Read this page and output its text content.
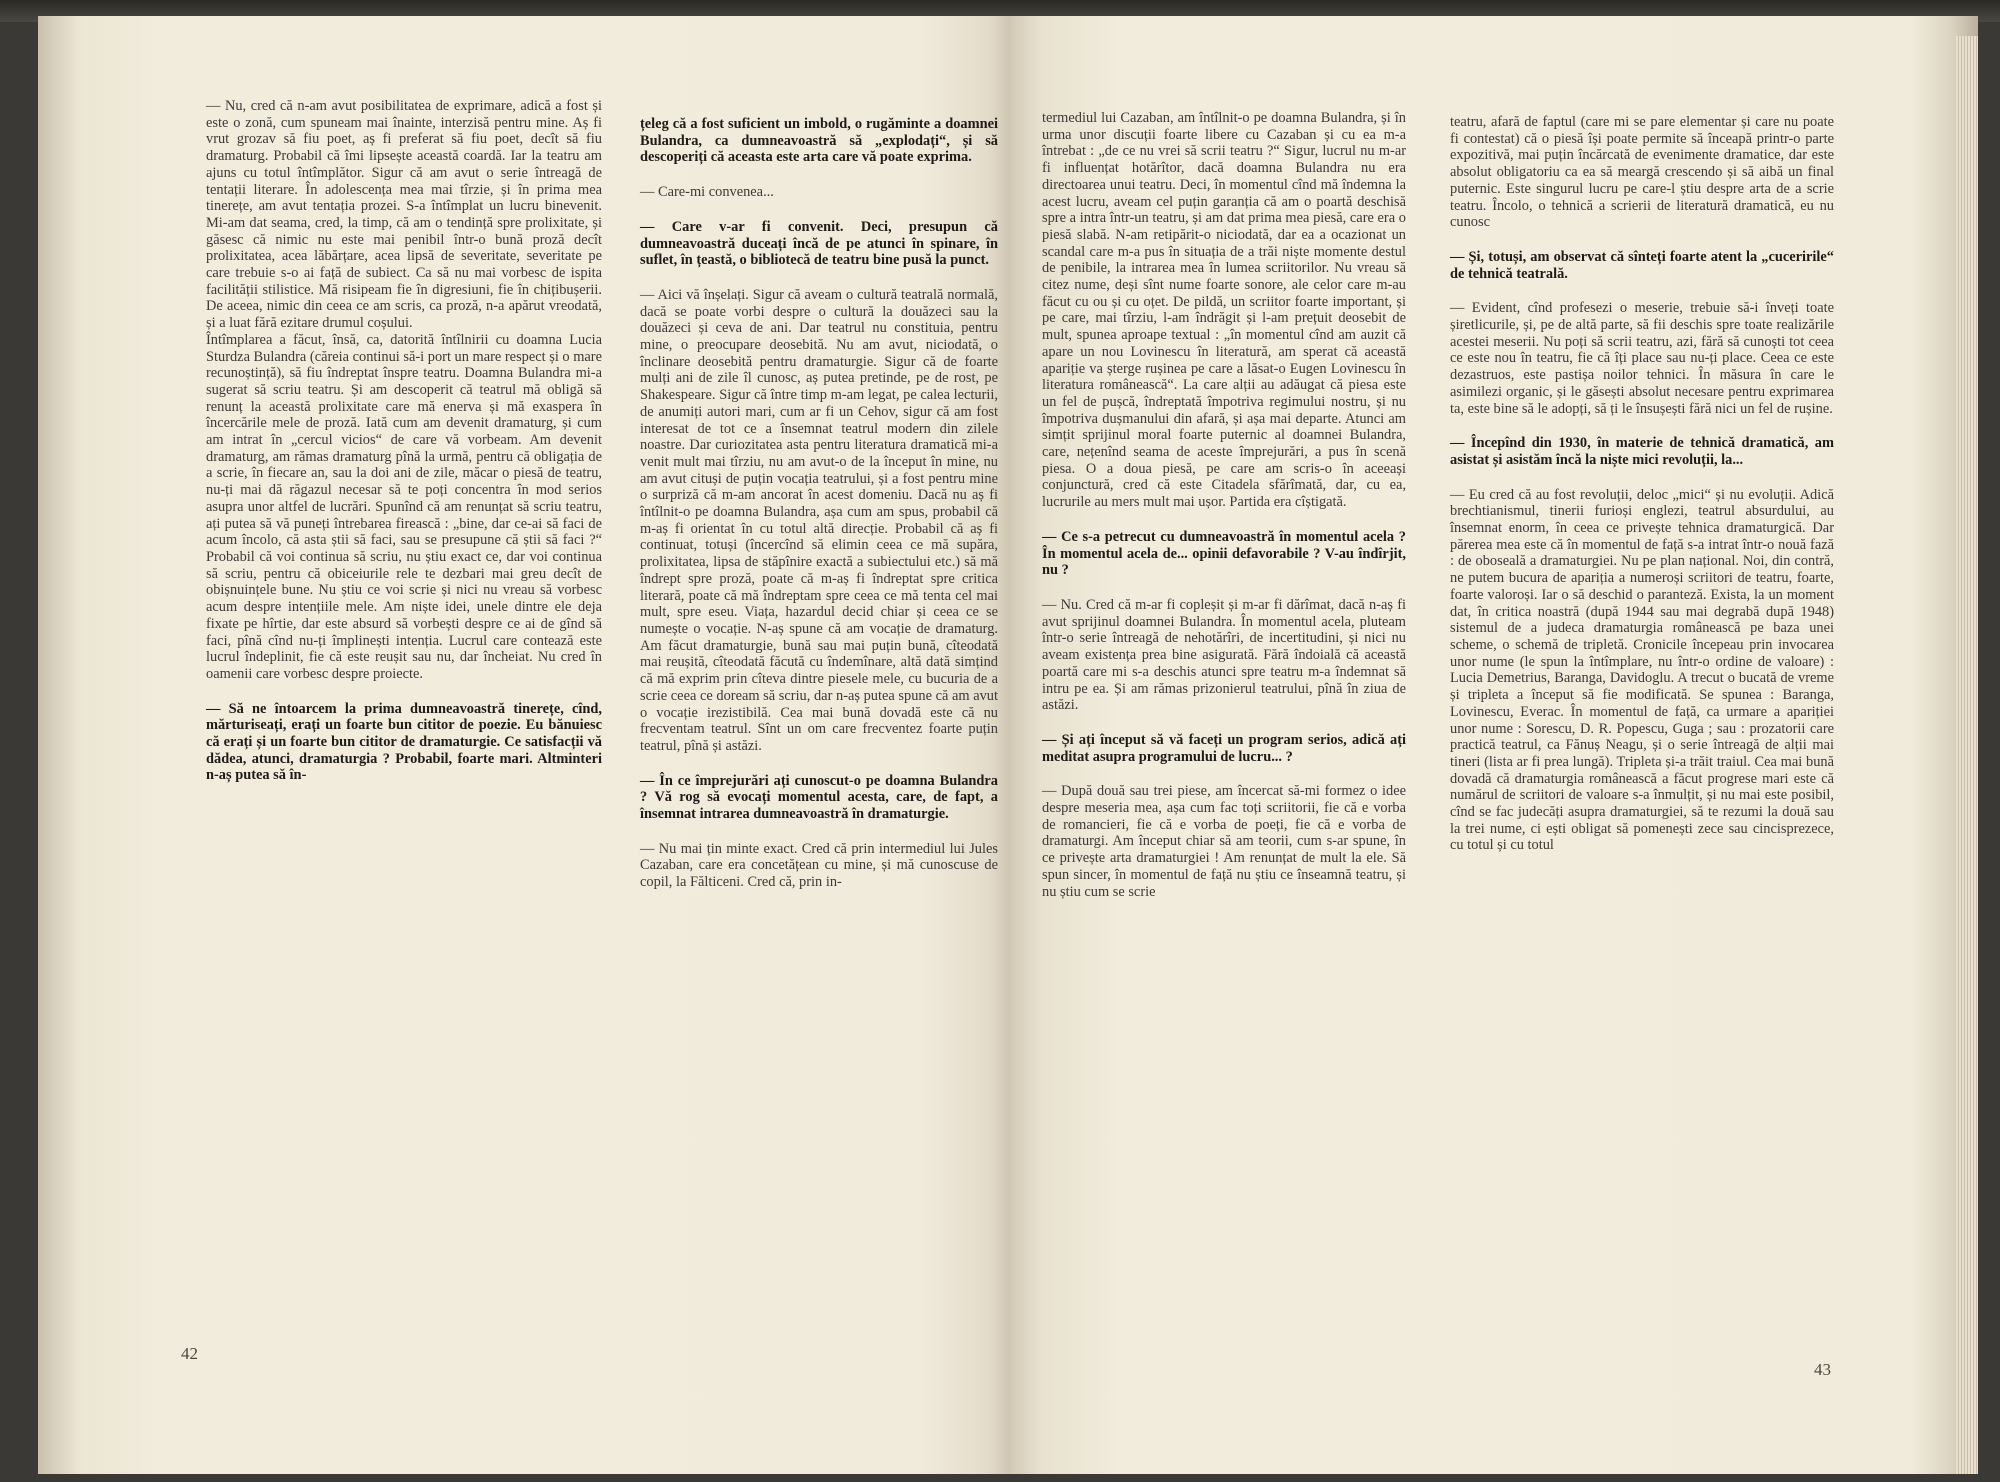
— Nu, cred că n-am avut posibilitatea de exprimare, adică a fost și este o zonă, cum spuneam mai înainte, interzisă pentru mine. Aș fi vrut grozav să fiu poet, aș fi preferat să fiu poet, decît să fiu dramaturg. Probabil că îmi lipsește această coardă. Iar la teatru am ajuns cu totul întîmplător. Sigur că am avut o serie întreagă de tentații literare. În adolescența mea mai tîrzie, și în prima mea tinerețe, am avut tentația prozei. S-a întîmplat un lucru binevenit. Mi-am dat seama, cred, la timp, că am o tendință spre prolixitate, și găsesc că nimic nu este mai penibil într-o bună proză decît prolixitatea, acea lăbărțare, acea lipsă de severitate, severitate pe care trebuie s-o ai față de subiect. Ca să nu mai vorbesc de ispita facilității stilistice. Mă risipeam fie în digresiuni, fie în chițibușerii. De aceea, nimic din ceea ce am scris, ca proză, n-a apărut vreodată, și a luat fără ezitare drumul coșului.

Întîmplarea a făcut, însă, ca, datorită întîlnirii cu doamna Lucia Sturdza Bulandra (căreia continui să-i port un mare respect și o mare recunoștință), să fiu îndreptat înspre teatru. Doamna Bulandra mi-a sugerat să scriu teatru. Și am descoperit că teatrul mă obligă să renunț la această prolixitate care mă enerva și mă exaspera în încercările mele de proză. Iată cum am devenit dramaturg, și cum am intrat în „cercul vicios“ de care vă vorbeam. Am devenit dramaturg, am rămas dramaturg pînă la urmă, pentru că obligația de a scrie, în fiecare an, sau la doi ani de zile, măcar o piesă de teatru, nu-ți mai dă răgazul necesar să te poți concentra în mod serios asupra unor altfel de lucrări. Spunînd că am renunțat să scriu teatru, ați putea să vă puneți întrebarea firească : „bine, dar ce-ai să faci de acum încolo, că asta știi să faci, sau se presupune că știi să faci ?“ Probabil că voi continua să scriu, nu știu exact ce, dar voi continua să scriu, pentru că obiceiurile rele te dezbari mai greu decît de obișnuințele bune. Nu știu ce voi scrie și nici nu vreau să vorbesc acum despre intențiile mele. Am niște idei, unele dintre ele deja fixate pe hîrtie, dar este absurd să vorbești despre ce ai de gînd să faci, pînă cînd nu-ți împlinești intenția. Lucrul care contează este lucrul îndeplinit, fie că este reușit sau nu, dar încheiat. Nu cred în oamenii care vorbesc despre proiecte.

— Să ne întoarcem la prima dumneavoastră tinerețe, cînd, mărturiseați, erați un foarte bun cititor de poezie. Eu bănuiesc că erați și un foarte bun cititor de dramaturgie. Ce satisfacții vă dădea, atunci, dramaturgia ? Probabil, foarte mari. Altminteri n-aș putea să în-

țeleg că a fost suficient un imbold, o rugăminte a doamnei Bulandra, ca dumneavoastră să „explodați“, și să descoperiți că aceasta este arta care vă poate exprima.

— Care-mi convenea...

— Care v-ar fi convenit. Deci, presupun că dumneavoastră duceați încă de pe atunci în spinare, în suflet, în țeastă, o bibliotecă de teatru bine pusă la punct.

— Aici vă înșelați. Sigur că aveam o cultură teatrală normală, dacă se poate vorbi despre o cultură la douăzeci sau la douăzeci și ceva de ani. Dar teatrul nu constituia, pentru mine, o preocupare deosebită. Nu am avut, niciodată, o înclinare deosebită pentru dramaturgie. Sigur că de foarte mulți ani de zile îl cunosc, aș putea pretinde, pe de rost, pe Shakespeare. Sigur că între timp m-am legat, pe calea lecturii, de anumiți autori mari, cum ar fi un Cehov, sigur că am fost interesat de tot ce a însemnat teatrul modern din zilele noastre. Dar curiozitatea asta pentru literatura dramatică mi-a venit mult mai tîrziu, nu am avut-o de la început în mine, nu am avut cituși de puțin vocația teatrului, și a fost pentru mine o surpriză că m-am ancorat în acest domeniu. Dacă nu aș fi întîlnit-o pe doamna Bulandra, așa cum am spus, probabil că m-aș fi orientat în cu totul altă direcție. Probabil că aș fi continuat, totuși (încercînd să elimin ceea ce mă supăra, prolixitatea, lipsa de stăpînire exactă a subiectului etc.) să mă îndrept spre proză, poate că m-aș fi îndreptat spre critica literară, poate că mă îndreptam spre ceea ce mă tenta cel mai mult, spre eseu. Viața, hazardul decid chiar și ceea ce se numește o vocație. N-aș spune că am vocație de dramaturg. Am făcut dramaturgie, bună sau mai puțin bună, cîteodată mai reușită, cîteodată făcută cu îndemînare, altă dată simțind că mă exprim prin cîteva dintre piesele mele, cu bucuria de a scrie ceea ce doream să scriu, dar n-aș putea spune că am avut o vocație irezistibilă. Cea mai bună dovadă este că nu frecventam teatrul. Sînt un om care frecventez foarte puțin teatrul, pînă și astăzi.

— În ce împrejurări ați cunoscut-o pe doamna Bulandra ? Vă rog să evocați momentul acesta, care, de fapt, a însemnat intrarea dumneavoastră în dramaturgie.

— Nu mai țin minte exact. Cred că prin intermediul lui Jules Cazaban, care era concetățean cu mine, și mă cunoscuse de copil, la Fălticeni. Cred că, prin in-

42

termediul lui Cazaban, am întîlnit-o pe doamna Bulandra, și în urma unor discuții foarte libere cu Cazaban și cu ea m-a întrebat : „de ce nu vrei să scrii teatru ?“ Sigur, lucrul nu m-ar fi influențat hotărîtor, dacă doamna Bulandra nu era directoarea unui teatru. Deci, în momentul cînd mă îndemna la acest lucru, aveam cel puțin garanția că am o poartă deschisă spre a intra într-un teatru, și am dat prima mea piesă, care era o piesă slabă. N-am retipărit-o niciodată, dar ea a ocazionat un scandal care m-a pus în situația de a trăi niște momente destul de penibile, la intrarea mea în lumea scriitorilor. Nu vreau să citez nume, deși sînt nume foarte sonore, ale celor care m-au făcut cu ou și cu oțet. De pildă, un scriitor foarte important, și pe care, mai tîrziu, l-am îndrăgit și l-am prețuit deosebit de mult, spunea aproape textual : „în momentul cînd am auzit că apare un nou Lovinescu în literatură, am sperat că această apariție va șterge rușinea pe care a lăsat-o Eugen Lovinescu în literatura românească“. La care alții au adăugat că piesa este un fel de pușcă, îndreptată împotriva regimului nostru, și nu împotriva dușmanului din afară, și așa mai departe. Atunci am simțit sprijinul moral foarte puternic al doamnei Bulandra, care, nețenînd seama de aceste împrejurări, a pus în scenă piesa. O a doua piesă, pe care am scris-o în aceeași conjunctură, cred că este Citadela sfărîmată, dar, cu ea, lucrurile au mers mult mai ușor. Partida era cîștigată.

— Ce s-a petrecut cu dumneavoastră în momentul acela ? În momentul acela de... opinii defavorabile ? V-au îndîrjit, nu ?

— Nu. Cred că m-ar fi copleșit și m-ar fi dărîmat, dacă n-aș fi avut sprijinul doamnei Bulandra. În momentul acela, pluteam într-o serie întreagă de nehotărîri, de incertitudini, și nici nu aveam existența prea bine asigurată. Fără îndoială că această poartă care mi s-a deschis atunci spre teatru m-a îndemnat să intru pe ea. Și am rămas prizonierul teatrului, pînă în ziua de astăzi.

— Și ați început să vă faceți un program serios, adică ați meditat asupra programului de lucru... ?

— După două sau trei piese, am încercat să-mi formez o idee despre meseria mea, așa cum fac toți scriitorii, fie că e vorba de romancieri, fie că e vorba de poeți, fie că e vorba de dramaturgi. Am început chiar să am teorii, cum s-ar spune, în ce privește arta dramaturgiei ! Am renunțat de mult la ele. Să spun sincer, în momentul de față nu știu ce înseamnă teatru, și nu știu cum se scrie

teatru, afară de faptul (care mi se pare elementar și care nu poate fi contestat) că o piesă își poate permite să înceapă printr-o parte expozitivă, mai puțin încărcată de evenimente dramatice, dar este absolut obligatoriu ca ea să meargă crescendo și să aibă un final puternic. Este singurul lucru pe care-l știu despre arta de a scrie teatru. Încolo, o tehnică a scrierii de literatură dramatică, eu nu cunosc

— Și, totuși, am observat că sînteți foarte atent la „cuceririle“ de tehnică teatrală.

— Evident, cînd profesezi o meserie, trebuie să-i înveți toate șiretlicurile, și, pe de altă parte, să fii deschis spre toate realizările acestei meserii. Nu poți să scrii teatru, azi, fără să cunoști tot ceea ce este nou în teatru, fie că îți place sau nu-ți place. Ceea ce este dezastruos, este pastișa noilor tehnici. În măsura în care le asimilezi organic, și le găsești absolut necesare pentru exprimarea ta, este bine să le adopți, să ți le însușești fără nici un fel de rușine.

— Începînd din 1930, în materie de tehnică dramatică, am asistat și asistăm încă la niște mici revoluții, la...

— Eu cred că au fost revoluții, deloc „mici“ și nu evoluții. Adică brechtianismul, tinerii furioși englezi, teatrul absurdului, au însemnat enorm, în ceea ce privește tehnica dramaturgică. Dar părerea mea este că în momentul de față s-a intrat într-o nouă fază : de oboseală a dramaturgiei. Nu pe plan național. Noi, din contră, ne putem bucura de apariția a numeroși scriitori de teatru, foarte, foarte valoroși. Iar o să deschid o paranteză. Exista, la un moment dat, în critica noastră (după 1944 sau mai degrabă după 1948) sistemul de a judeca dramaturgia românească pe baza unei scheme, o schemă de tripletă. Cronicile începeau prin invocarea unor nume (le spun la întîmplare, nu într-o ordine de valoare) : Lucia Demetrius, Baranga, Davidoglu. A trecut o bucată de vreme și tripleta a început să fie modificată. Se spunea : Baranga, Lovinescu, Everac. În momentul de față, ca urmare a apariției unor nume : Sorescu, D. R. Popescu, Guga ; sau : prozatorii care practică teatrul, ca Fănuș Neagu, și o serie întreagă de alții mai tineri (lista ar fi prea lungă). Tripleta și-a trăit traiul. Cea mai bună dovadă că dramaturgia românească a făcut progrese mari este că numărul de scriitori de valoare s-a înmulțit, și nu mai este posibil, cînd se fac judecăți asupra dramaturgiei, să te rezumi la două sau la trei nume, ci ești obligat să pomenești zece sau cincisprezece, cu totul și cu totul

43
